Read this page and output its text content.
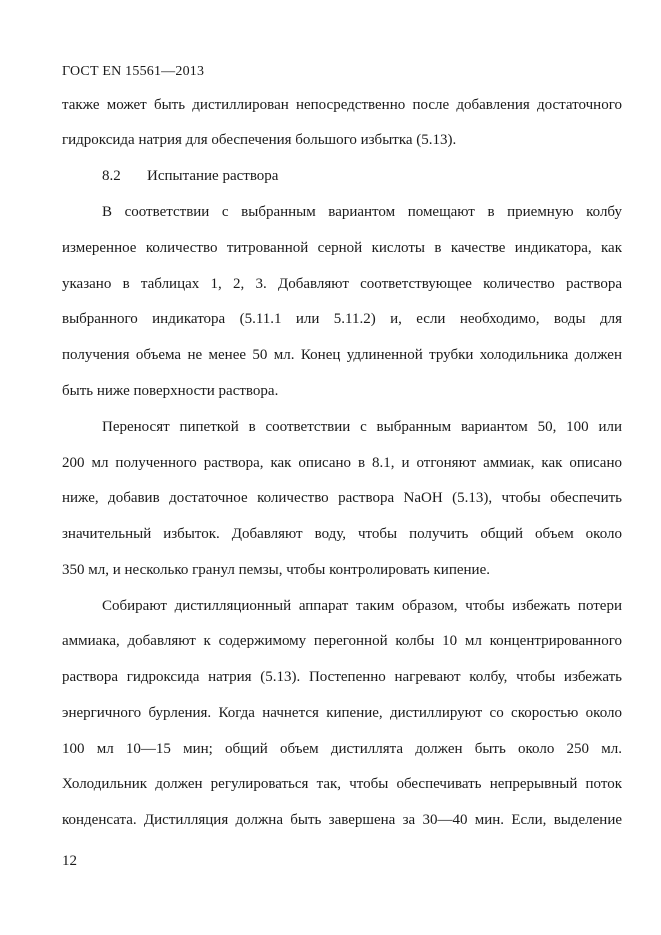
ГОСТ EN 15561—2013
также может быть дистиллирован непосредственно после добавления достаточного
гидроксида натрия для обеспечения большого избытка (5.13).
8.2 Испытание раствора
В соответствии с выбранным вариантом помещают в приемную колбу
измеренное количество титрованной серной кислоты в качестве индикатора, как
указано в таблицах 1, 2, 3. Добавляют соответствующее количество раствора
выбранного индикатора (5.11.1 или 5.11.2) и, если необходимо, воды для
получения объема не менее 50 мл. Конец удлиненной трубки холодильника должен
быть ниже поверхности раствора.
Переносят пипеткой в соответствии с выбранным вариантом 50, 100 или
200 мл полученного раствора, как описано в 8.1, и отгоняют аммиак, как описано
ниже, добавив достаточное количество раствора NaOH (5.13), чтобы обеспечить
значительный избыток. Добавляют воду, чтобы получить общий объем около
350 мл, и несколько гранул пемзы, чтобы контролировать кипение.
Собирают дистилляционный аппарат таким образом, чтобы избежать потери
аммиака, добавляют к содержимому перегонной колбы 10 мл концентрированного
раствора гидроксида натрия (5.13). Постепенно нагревают колбу, чтобы избежать
энергичного бурления. Когда начнется кипение, дистиллируют со скоростью около
100 мл 10—15 мин; общий объем дистиллята должен быть около 250 мл.
Холодильник должен регулироваться так, чтобы обеспечивать непрерывный поток
конденсата. Дистилляция должна быть завершена за 30—40 мин. Если, выделение
12
